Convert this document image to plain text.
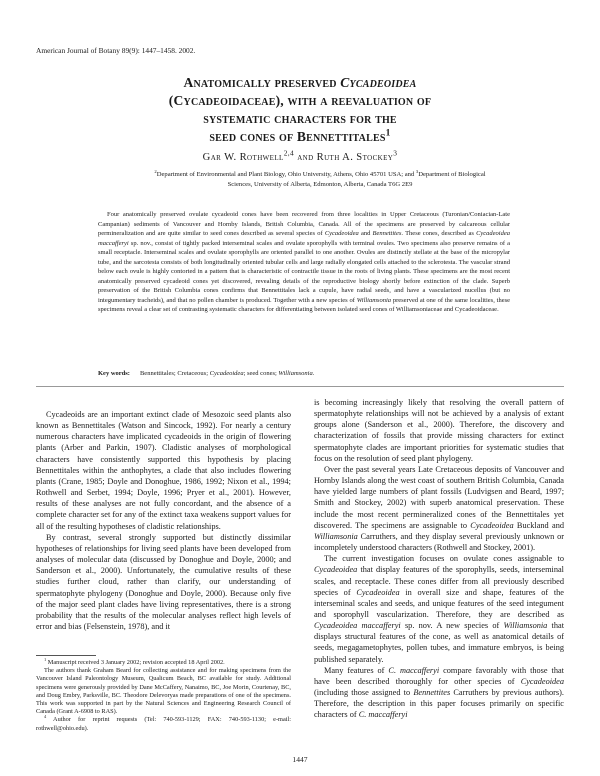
American Journal of Botany 89(9): 1447–1458. 2002.
Anatomically preserved Cycadeoidea
(Cycadeoidaceae), with a reevaluation of
systematic characters for the
seed cones of Bennettitales$^1$
Gar W. Rothwell$^{2,4}$ and Ruth A. Stockey$^3$
$^2$Department of Environmental and Plant Biology, Ohio University, Athens, Ohio 45701 USA; and $^3$Department of Biological Sciences, University of Alberta, Edmonton, Alberta, Canada T6G 2E9
Four anatomically preserved ovulate cycadeoid cones have been recovered from three localities in Upper Cretaceous (Turonian/Coniacian-Late Campanian) sediments of Vancouver and Hornby Islands, British Columbia, Canada. All of the specimens are preserved by calcareous cellular permineralization and are quite similar to seed cones described as several species of Cycadeoidea and Bennettites. These cones, described as Cycadeoidea maccafferyi sp. nov., consist of tightly packed interseminal scales and ovulate sporophylls with terminal ovules. Two specimens also preserve remains of a small receptacle. Interseminal scales and ovulate sporophylls are oriented parallel to one another. Ovules are distinctly stellate at the base of the micropylar tube, and the sarcotesta consists of both longitudinally oriented tubular cells and large radially elongated cells attached to the sclerotesta. The vascular strand below each ovule is highly contorted in a pattern that is characteristic of contractile tissue in the roots of living plants. These specimens are the most recent anatomically preserved cycadeoid cones yet discovered, revealing details of the reproductive biology shortly before extinction of the clade. Superb preservation of the British Columbia cones confirms that Bennettitales lack a cupule, have radial seeds, and have a vascularized nucellus (but no integumentary tracheids), and that no pollen chamber is produced. Together with a new species of Williamsonia preserved at one of the same localities, these specimens reveal a clear set of contrasting systematic characters for differentiating between isolated seed cones of Williamsoniaceae and Cycadeoidaceae.
Key words: Bennettitales; Cretaceous; Cycadeoidea; seed cones; Williamsonia.

Cycadeoids are an important extinct clade of Mesozoic seed plants also known as Bennettitales (Watson and Sincock, 1992). For nearly a century numerous characters have implicated cycadeoids in the origin of flowering plants (Arber and Parkin, 1907). Cladistic analyses of morphological characters have consistently supported this hypothesis by placing Bennettitales within the anthophytes, a clade that also includes flowering plants (Crane, 1985; Doyle and Donoghue, 1986, 1992; Nixon et al., 1994; Rothwell and Serbet, 1994; Doyle, 1996; Pryer et al., 2001). However, results of these analyses are not fully concordant, and the absence of a complete character set for any of the extinct taxa weakens support values for all of the resulting hypotheses of cladistic relationships.

By contrast, several strongly supported but distinctly dissimilar hypotheses of relationships for living seed plants have been developed from analyses of molecular data (discussed by Donoghue and Doyle, 2000; and Sanderson et al., 2000). Unfortunately, the cumulative results of these studies further cloud, rather than clarify, our understanding of spermatophyte phylogeny (Donoghue and Doyle, 2000). Because only five of the major seed plant clades have living representatives, there is a strong probability that the results of the molecular analyses reflect high levels of error and bias (Felsenstein, 1978), and it

$^1$ Manuscript received 3 January 2002; revision accepted 18 April 2002.

The authors thank Graham Beard for collecting assistance and for making specimens from the Vancouver Island Paleontology Museum, Qualicum Beach, BC available for study. Additional specimens were generously provided by Dane McCaffery, Nanaimo, BC, Joe Morin, Courtenay, BC, and Doug Embry, Parksville, BC. Theodore Delevoryas made preparations of one of the specimens. This work was supported in part by the Natural Sciences and Engineering Research Council of Canada (Grant A-6908 to RAS).

$^4$ Author for reprint requests (Tel: 740-593-1129; FAX: 740-593-1130; e-mail: rothwell@ohio.edu).

is becoming increasingly likely that resolving the overall pattern of spermatophyte relationships will not be achieved by a analysis of extant groups alone (Sanderson et al., 2000). Therefore, the discovery and characterization of fossils that provide missing characters for extinct spermatophyte clades are important priorities for systematic studies that focus on the resolution of seed plant phylogeny.

Over the past several years Late Cretaceous deposits of Vancouver and Hornby Islands along the west coast of southern British Columbia, Canada have yielded large numbers of plant fossils (Ludvigsen and Beard, 1997; Smith and Stockey, 2002) with superb anatomical preservation. These include the most recent permineralized cones of the Bennettitales yet discovered. The specimens are assignable to Cycadeoidea Buckland and Williamsonia Carruthers, and they display several previously unknown or incompletely understood characters (Rothwell and Stockey, 2001).

The current investigation focuses on ovulate cones assignable to Cycadeoidea that display features of the sporophylls, seeds, interseminal scales, and receptacle. These cones differ from all previously described species of Cycadeoidea in overall size and shape, features of the interseminal scales and seeds, and unique features of the seed integument and sporophyll vascularization. Therefore, they are described as Cycadeoidea maccafferyi sp. nov. A new species of Williamsonia that displays structural features of the cone, as well as anatomical details of seeds, megagametophytes, pollen tubes, and immature embryos, is being published separately.

Many features of C. maccafferyi compare favorably with those that have been described thoroughly for other species of Cycadeoidea (including those assigned to Bennettites Carruthers by previous authors). Therefore, the description in this paper focuses primarily on specific characters of C. maccafferyi

1447
